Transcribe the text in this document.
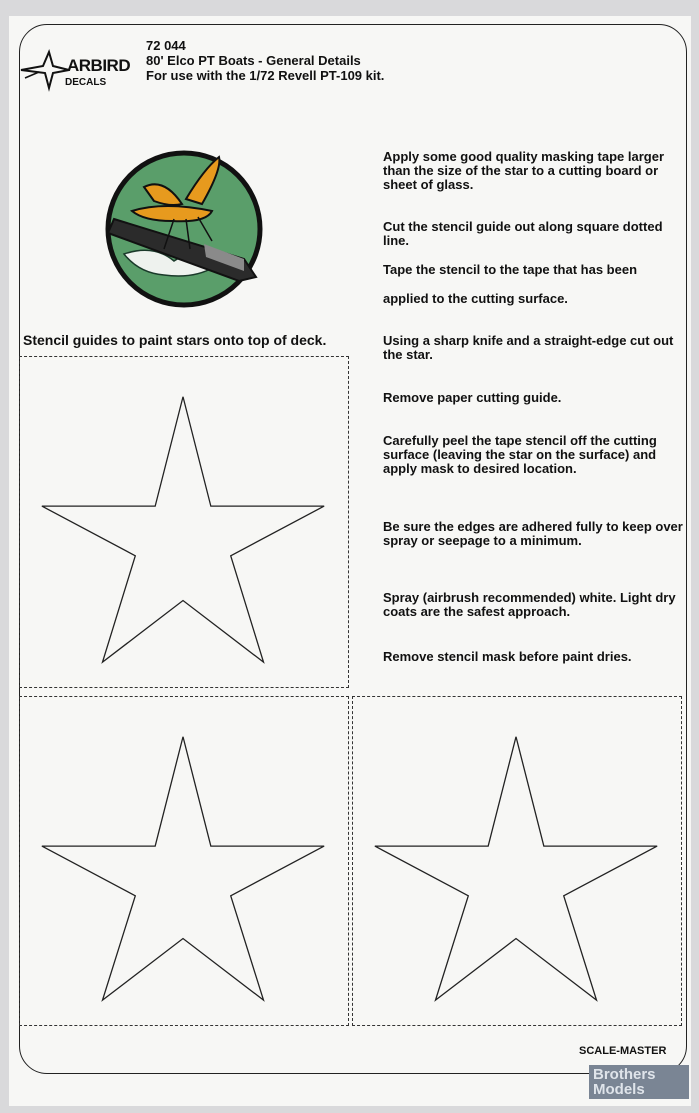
ARBIRD
DECALS
72 044
80' Elco PT Boats - General Details
For use with the 1/72 Revell PT-109 kit.
Apply some good quality masking tape larger than the size of the star to a cutting board or sheet of glass.
Cut the stencil guide out along square dotted line.
Tape the stencil to the tape that has been
applied to the cutting surface.
Using a sharp knife and a straight-edge cut out the star.
Remove paper cutting guide.
Carefully peel the tape stencil off the cutting surface (leaving the star on the surface) and apply mask to desired location.
Be sure the edges are adhered fully to keep over spray or seepage to a minimum.
Spray (airbrush recommended) white. Light dry coats are the safest approach.
Remove stencil mask before paint dries.
Stencil guides to paint stars onto top of deck.
SCALE-MASTER
Brothers Models
